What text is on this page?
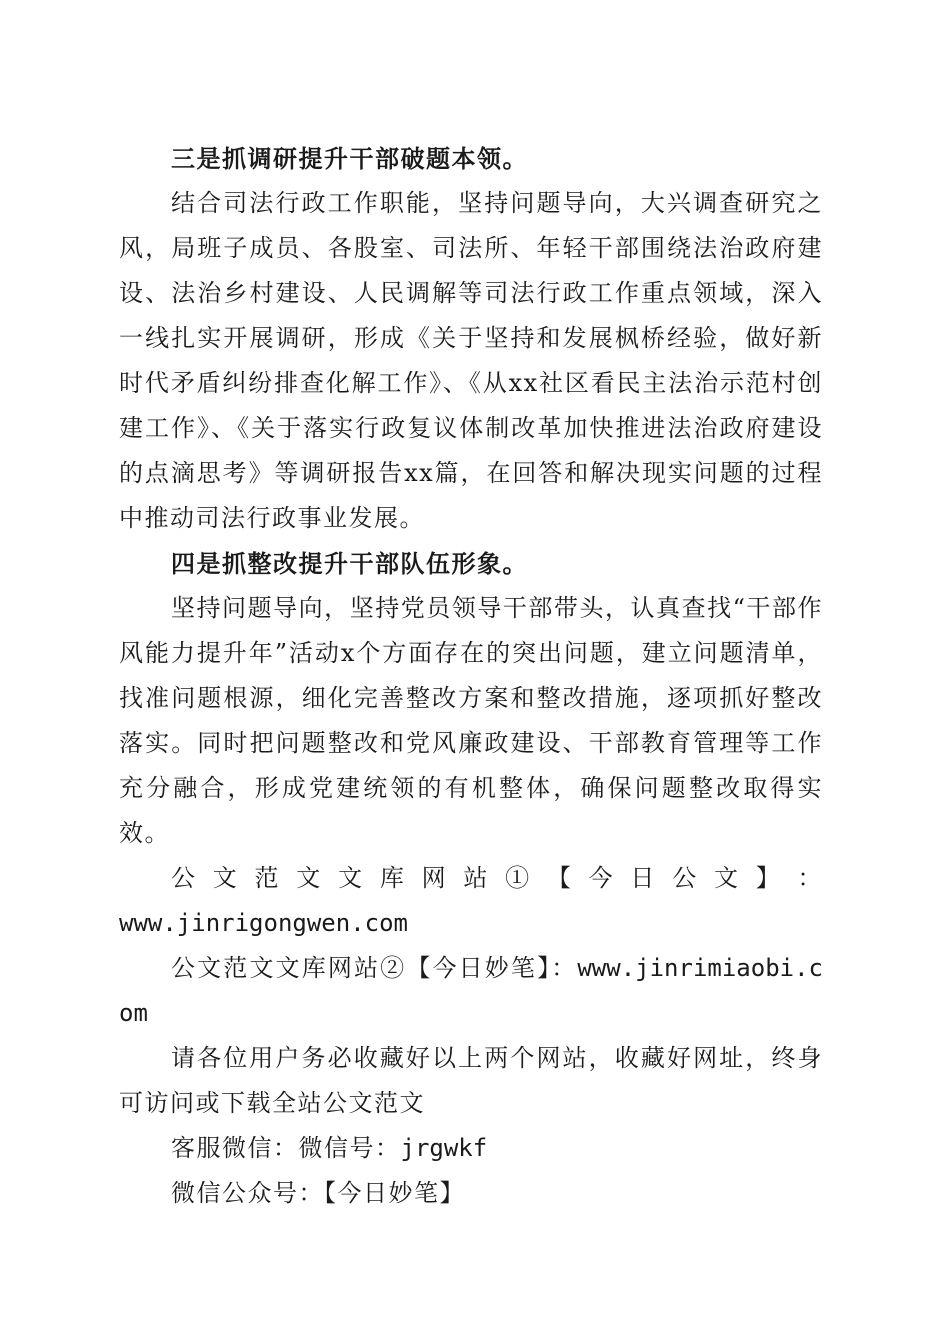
三是抓调研提升干部破题本领。

结合司法行政工作职能，坚持问题导向，大兴调查研究之风，局班子成员、各股室、司法所、年轻干部围绕法治政府建设、法治乡村建设、人民调解等司法行政工作重点领域，深入一线扎实开展调研，形成《关于坚持和发展枫桥经验，做好新时代矛盾纠纷排查化解工作》、《从xx社区看民主法治示范村创建工作》、《关于落实行政复议体制改革加快推进法治政府建设的点滴思考》等调研报告xx篇，在回答和解决现实问题的过程中推动司法行政事业发展。

四是抓整改提升干部队伍形象。

坚持问题导向，坚持党员领导干部带头，认真查找“干部作风能力提升年”活动x个方面存在的突出问题，建立问题清单，找准问题根源，细化完善整改方案和整改措施，逐项抓好整改落实。同时把问题整改和党风廉政建设、干部教育管理等工作充分融合，形成党建统领的有机整体，确保问题整改取得实效。

公 文 范 文 文 库 网 站 ① 【 今 日 公 文 】 ：

www.jinrigongwen.com

公文范文文库网站②【今日妙笔】：www.jinrimiaobi.com

请各位用户务必收藏好以上两个网站，收藏好网址，终身可访问或下载全站公文范文

客服微信：微信号：jrgwkf

微信公众号：【今日妙笔】
